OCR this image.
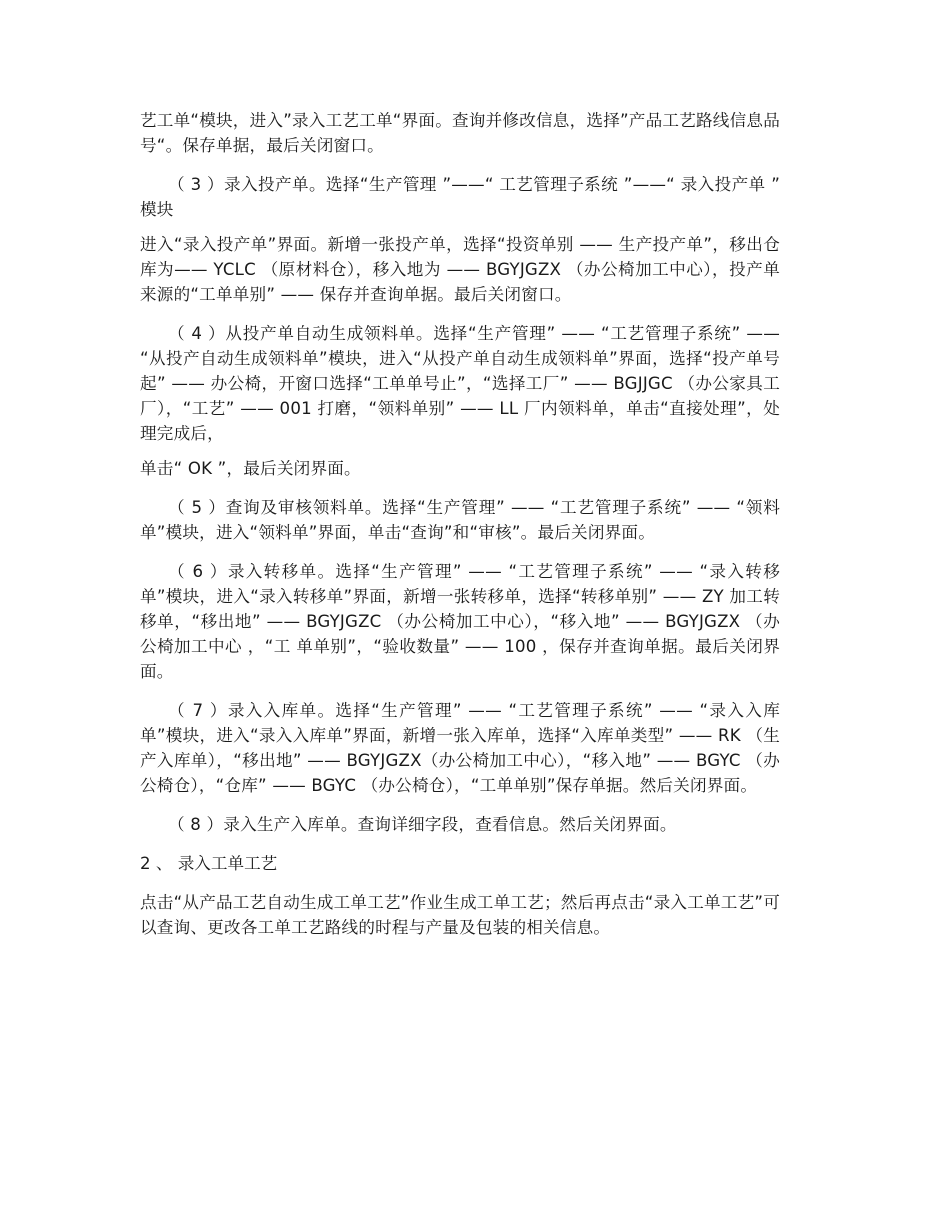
艺工单“模块，进入”录入工艺工单“界面。查询并修改信息，选择”产品工艺路线信息品号“。保存单据，最后关闭窗口。

（ 3 ）录入投产单。选择“生产管理 ”——“ 工艺管理子系统 ”——“ 录入投产单 ” 模块

进入“录入投产单”界面。新增一张投产单，选择“投资单别 —— 生产投产单”，移出仓库为—— YCLC （原材料仓），移入地为 —— BGYJGZX （办公椅加工中心），投产单来源的“工单单别” —— 保存并查询单据。最后关闭窗口。

（ 4 ）从投产单自动生成领料单。选择“生产管理” —— “工艺管理子系统” —— “从投产自动生成领料单”模块，进入“从投产单自动生成领料单”界面，选择“投产单号起” —— 办公椅，开窗口选择“工单单号止”，“选择工厂” —— BGJJGC （办公家具工厂），“工艺” —— 001 打磨，“领料单别” —— LL 厂内领料单，单击“直接处理”，处理完成后，

单击“ OK ”，最后关闭界面。

（ 5 ）查询及审核领料单。选择“生产管理” —— “工艺管理子系统” —— “领料单”模块，进入“领料单”界面，单击“查询”和“审核”。最后关闭界面。

（ 6 ）录入转移单。选择“生产管理” —— “工艺管理子系统” —— “录入转移单”模块，进入“录入转移单”界面，新增一张转移单，选择“转移单别” —— ZY 加工转移单，“移出地” —— BGYJGZC （办公椅加工中心），“移入地” —— BGYJGZX （办公椅加工中心 ，“工 单单别”，“验收数量” —— 100 ，保存并查询单据。最后关闭界面。

（ 7 ）录入入库单。选择“生产管理” —— “工艺管理子系统” —— “录入入库单”模块，进入“录入入库单”界面，新增一张入库单，选择“入库单类型” —— RK （生产入库单），“移出地” —— BGYJGZX（办公椅加工中心），“移入地” —— BGYC （办公椅仓），“仓库” —— BGYC （办公椅仓），“工单单别”保存单据。然后关闭界面。

（ 8 ）录入生产入库单。查询详细字段，查看信息。然后关闭界面。

2 、 录入工单工艺

点击“从产品工艺自动生成工单工艺”作业生成工单工艺；然后再点击“录入工单工艺”可以查询、更改各工单工艺路线的时程与产量及包装的相关信息。
